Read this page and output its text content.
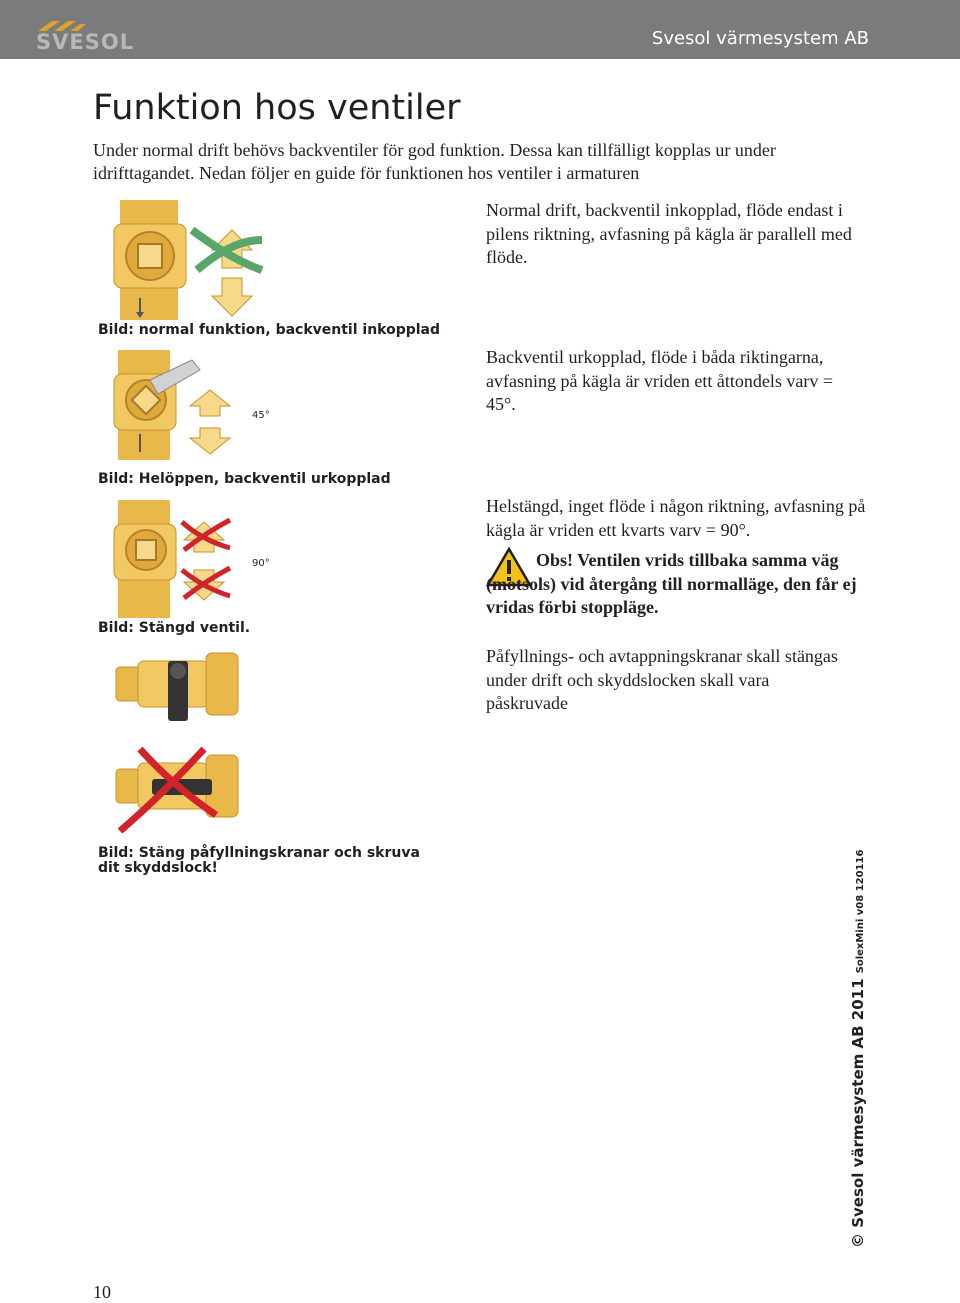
SVESOL	Svesol värmesystem AB
Funktion hos ventiler

Under normal drift behövs backventiler för god funktion. Dessa kan tillfälligt kopplas ur under idrifttagandet. Nedan följer en guide för funktionen hos ventiler i armaturen

Normal drift, backventil inkopplad, flöde endast i pilens riktning, avfasning på kägla är parallell med flöde.

Bild: normal funktion, backventil inkopplad

45°

Backventil urkopplad, flöde i båda riktingarna, avfasning på kägla är vriden ett åttondels varv = 45°.

Bild: Helöppen, backventil urkopplad

90°

Helstängd, inget flöde i någon riktning, avfasning på kägla är vriden ett kvarts varv = 90°.

Bild: Stängd ventil.

Obs! Ventilen vrids tillbaka samma väg (motsols) vid återgång till normalläge, den får ej vridas förbi stoppläge.

Påfyllnings- och avtappningskranar skall stängas under drift och skyddslocken skall vara påskruvade

Bild: Stäng påfyllningskranar och skruva dit skyddslock!

© Svesol värmesystem AB 2011 SolexMini v08 120116
10
